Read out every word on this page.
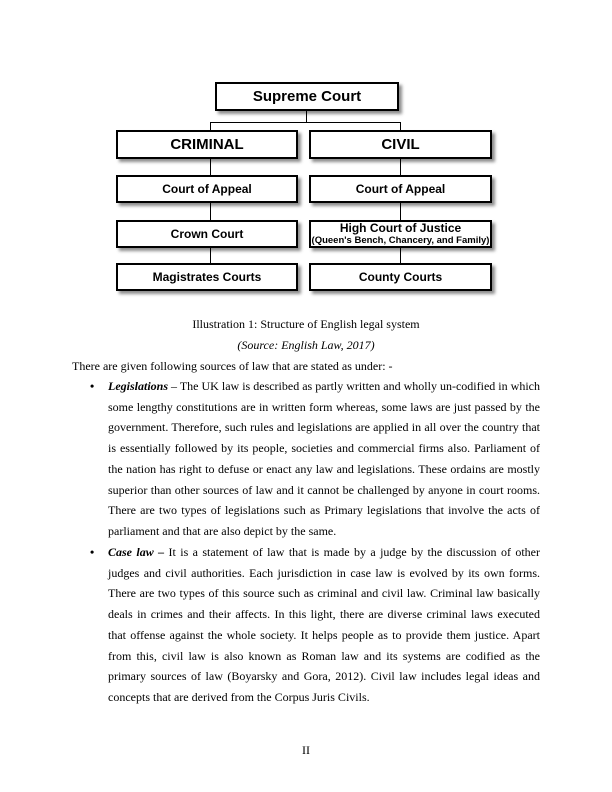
Supreme Court
CRIMINAL	CIVIL
Court of Appeal	Court of Appeal
Crown Court	High Court of Justice
(Queen's Bench, Chancery, and Family)
Magistrates Courts	County Courts
Illustration 1: Structure of English legal system
(Source: English Law, 2017)
There are given following sources of law that are stated as under: -
• Legislations – The UK law is described as partly written and wholly un-codified in which some lengthy constitutions are in written form whereas, some laws are just passed by the government. Therefore, such rules and legislations are applied in all over the country that is essentially followed by its people, societies and commercial firms also. Parliament of the nation has right to defuse or enact any law and legislations. These ordains are mostly superior than other sources of law and it cannot be challenged by anyone in court rooms. There are two types of legislations such as Primary legislations that involve the acts of parliament and that are also depict by the same.
• Case law – It is a statement of law that is made by a judge by the discussion of other judges and civil authorities. Each jurisdiction in case law is evolved by its own forms. There are two types of this source such as criminal and civil law. Criminal law basically deals in crimes and their affects. In this light, there are diverse criminal laws executed that offense against the whole society. It helps people as to provide them justice. Apart from this, civil law is also known as Roman law and its systems are codified as the primary sources of law (Boyarsky and Gora, 2012). Civil law includes legal ideas and concepts that are derived from the Corpus Juris Civils.
II
